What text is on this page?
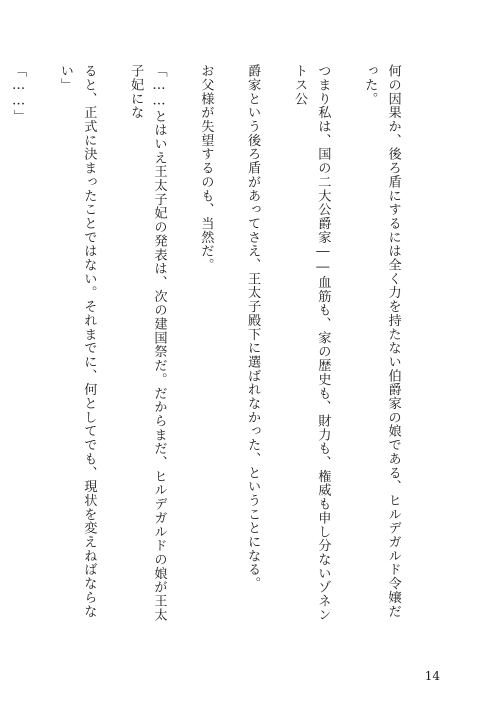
何の因果か、後ろ盾にするには全く力を持たない伯爵家の娘である、ヒルデガルド令嬢だった。

つまり私は、国の二大公爵家――血筋も、家の歴史も、財力も、権威も申し分ないゾネントス公

爵家という後ろ盾があってさえ、王太子殿下に選ばれなかった、ということになる。

お父様が失望するのも、当然だ。

「……とはいえ王太子妃の発表は、次の建国祭だ。だからまだ、ヒルデガルドの娘が王太子妃にな

ると、正式に決まったことではない。それまでに、何としてでも、現状を変えねばならない」

「……」

14
